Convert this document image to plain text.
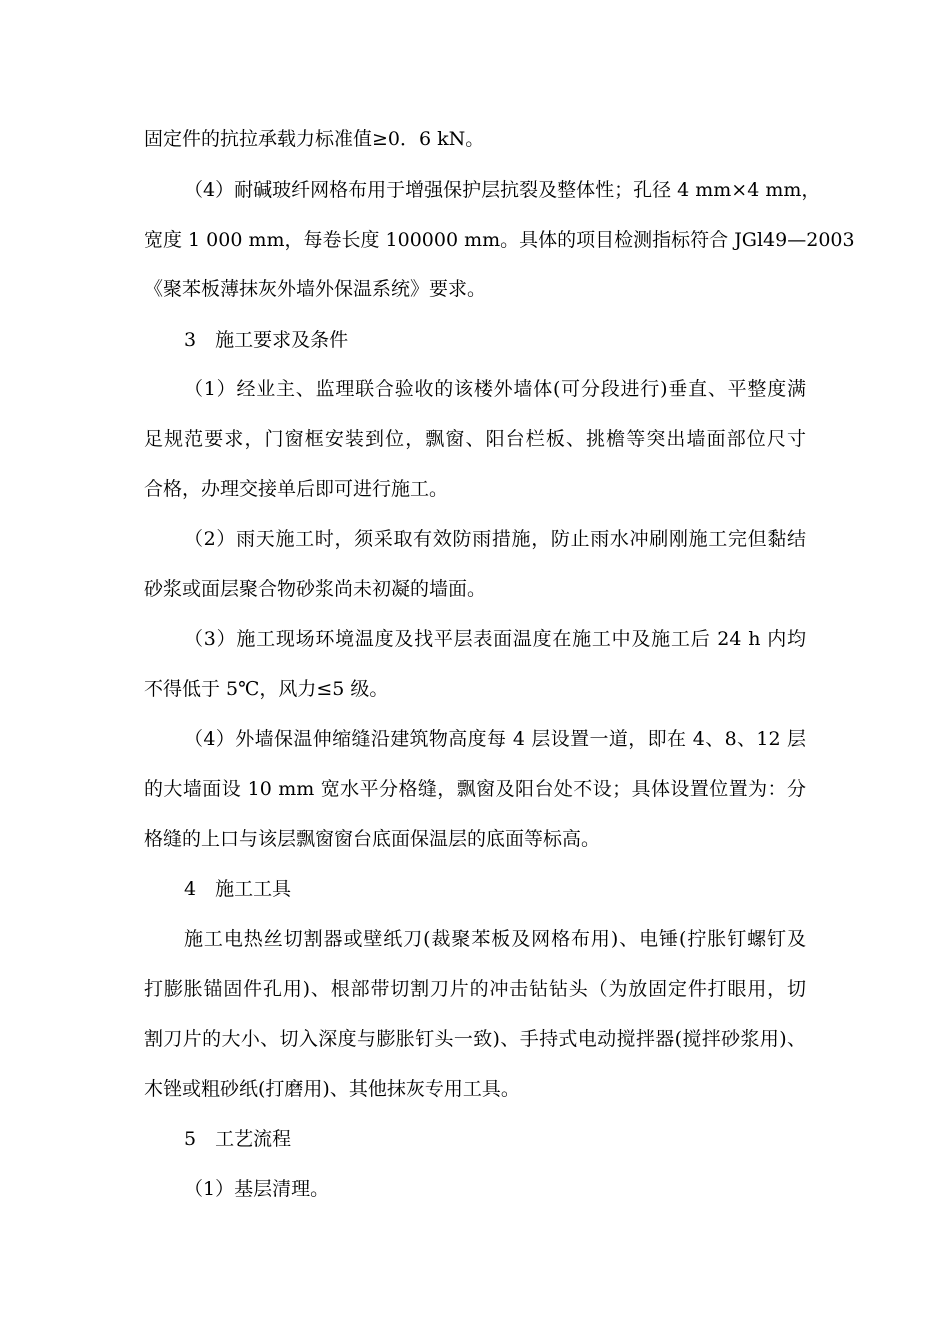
固定件的抗拉承载力标准值≥0．6 kN。
（4）耐碱玻纤网格布用于增强保护层抗裂及整体性；孔径 4 mm×4 mm，
宽度 1 000 mm，每卷长度 100000 mm。具体的项目检测指标符合 JGl49—2003
《聚苯板薄抹灰外墙外保温系统》要求。
3　施工要求及条件
（1）经业主、监理联合验收的该楼外墙体(可分段进行)垂直、平整度满
足规范要求，门窗框安装到位，飘窗、阳台栏板、挑檐等突出墙面部位尺寸
合格，办理交接单后即可进行施工。
（2）雨天施工时，须采取有效防雨措施，防止雨水冲刷刚施工完但黏结
砂浆或面层聚合物砂浆尚未初凝的墙面。
（3）施工现场环境温度及找平层表面温度在施工中及施工后 24 h 内均
不得低于 5℃，风力≤5 级。
（4）外墙保温伸缩缝沿建筑物高度每 4 层设置一道，即在 4、8、12 层
的大墙面设 10 mm 宽水平分格缝，飘窗及阳台处不设；具体设置位置为：分
格缝的上口与该层飘窗窗台底面保温层的底面等标高。
4　施工工具
施工电热丝切割器或壁纸刀(裁聚苯板及网格布用)、电锤(拧胀钉螺钉及
打膨胀锚固件孔用)、根部带切割刀片的冲击钻钻头（为放固定件打眼用，切
割刀片的大小、切入深度与膨胀钉头一致)、手持式电动搅拌器(搅拌砂浆用)、
木锉或粗砂纸(打磨用)、其他抹灰专用工具。
5　工艺流程
（1）基层清理。
